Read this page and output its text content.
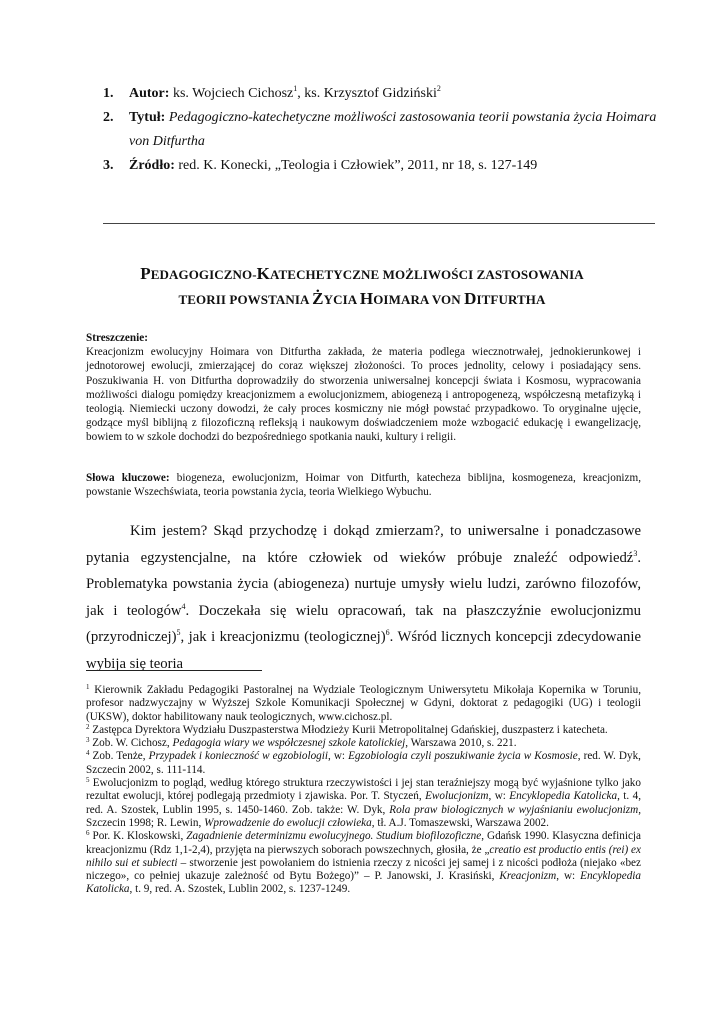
1.	Autor: ks. Wojciech Cichosz$^1$, ks. Krzysztof Gidziński$^2$
2.	Tytuł: Pedagogiczno-katechetyczne możliwości zastosowania teorii powstania życia Hoimara von Ditfurtha
3.	Źródło: red. K. Konecki, „Teologia i Człowiek”, 2011, nr 18, s. 127-149
PEDAGOGICZNO-KATECHETYCZNE MOŻLIWOŚCI ZASTOSOWANIA
TEORII POWSTANIA ŻYCIA HOIMARA VON DITFURTHA
Streszczenie:

Kreacjonizm ewolucyjny Hoimara von Ditfurtha zakłada, że materia podlega wiecznotrwałej, jednokierunkowej i jednotorowej ewolucji, zmierzającej do coraz większej złożoności. To proces jednolity, celowy i posiadający sens. Poszukiwania H. von Ditfurtha doprowadziły do stworzenia uniwersalnej koncepcji świata i Kosmosu, wypracowania możliwości dialogu pomiędzy kreacjonizmem a ewolucjonizmem, abiogenezą i antropogenezą, współczesną metafizyką i teologią. Niemiecki uczony dowodzi, że cały proces kosmiczny nie mógł powstać przypadkowo. To oryginalne ujęcie, godzące myśl biblijną z filozoficzną refleksją i naukowym doświadczeniem może wzbogacić edukację i ewangelizację, bowiem to w szkole dochodzi do bezpośredniego spotkania nauki, kultury i religii.

Słowa kluczowe: biogeneza, ewolucjonizm, Hoimar von Ditfurth, katecheza biblijna, kosmogeneza, kreacjonizm, powstanie Wszechświata, teoria powstania życia, teoria Wielkiego Wybuchu.

Kim jestem? Skąd przychodzę i dokąd zmierzam?, to uniwersalne i ponadczasowe pytania egzystencjalne, na które człowiek od wieków próbuje znaleźć odpowiedź$^3$. Problematyka powstania życia (abiogeneza) nurtuje umysły wielu ludzi, zarówno filozofów, jak i teologów$^4$. Doczekała się wielu opracowań, tak na płaszczyźnie ewolucjonizmu (przyrodniczej)$^5$, jak i kreacjonizmu (teologicznej)$^6$. Wśród licznych koncepcji zdecydowanie wybija się teoria

$^1$ Kierownik Zakładu Pedagogiki Pastoralnej na Wydziale Teologicznym Uniwersytetu Mikołaja Kopernika w Toruniu, profesor nadzwyczajny w Wyższej Szkole Komunikacji Społecznej w Gdyni, doktorat z pedagogiki (UG) i teologii (UKSW), doktor habilitowany nauk teologicznych, www.cichosz.pl.

$^2$ Zastępca Dyrektora Wydziału Duszpasterstwa Młodzieży Kurii Metropolitalnej Gdańskiej, duszpasterz i katecheta.

$^3$ Zob. W. Cichosz, Pedagogia wiary we współczesnej szkole katolickiej, Warszawa 2010, s. 221.

$^4$ Zob. Tenże, Przypadek i konieczność w egzobiologii, w: Egzobiologia czyli poszukiwanie życia w Kosmosie, red. W. Dyk, Szczecin 2002, s. 111-114.

$^5$ Ewolucjonizm to pogląd, według którego struktura rzeczywistości i jej stan teraźniejszy mogą być wyjaśnione tylko jako rezultat ewolucji, której podlegają przedmioty i zjawiska. Por. T. Styczeń, Ewolucjonizm, w: Encyklopedia Katolicka, t. 4, red. A. Szostek, Lublin 1995, s. 1450-1460. Zob. także: W. Dyk, Rola praw biologicznych w wyjaśnianiu ewolucjonizm, Szczecin 1998; R. Lewin, Wprowadzenie do ewolucji człowieka, tł. A.J. Tomaszewski, Warszawa 2002.

$^6$ Por. K. Kloskowski, Zagadnienie determinizmu ewolucyjnego. Studium biofilozoficzne, Gdańsk 1990. Klasyczna definicja kreacjonizmu (Rdz 1,1-2,4), przyjęta na pierwszych soborach powszechnych, głosiła, że „creatio est productio entis (rei) ex nihilo sui et subiecti – stworzenie jest powołaniem do istnienia rzeczy z nicości jej samej i z nicości podłoża (niejako «bez niczego», co pełniej ukazuje zależność od Bytu Bożego)” – P. Janowski, J. Krasiński, Kreacjonizm, w: Encyklopedia Katolicka, t. 9, red. A. Szostek, Lublin 2002, s. 1237-1249.
